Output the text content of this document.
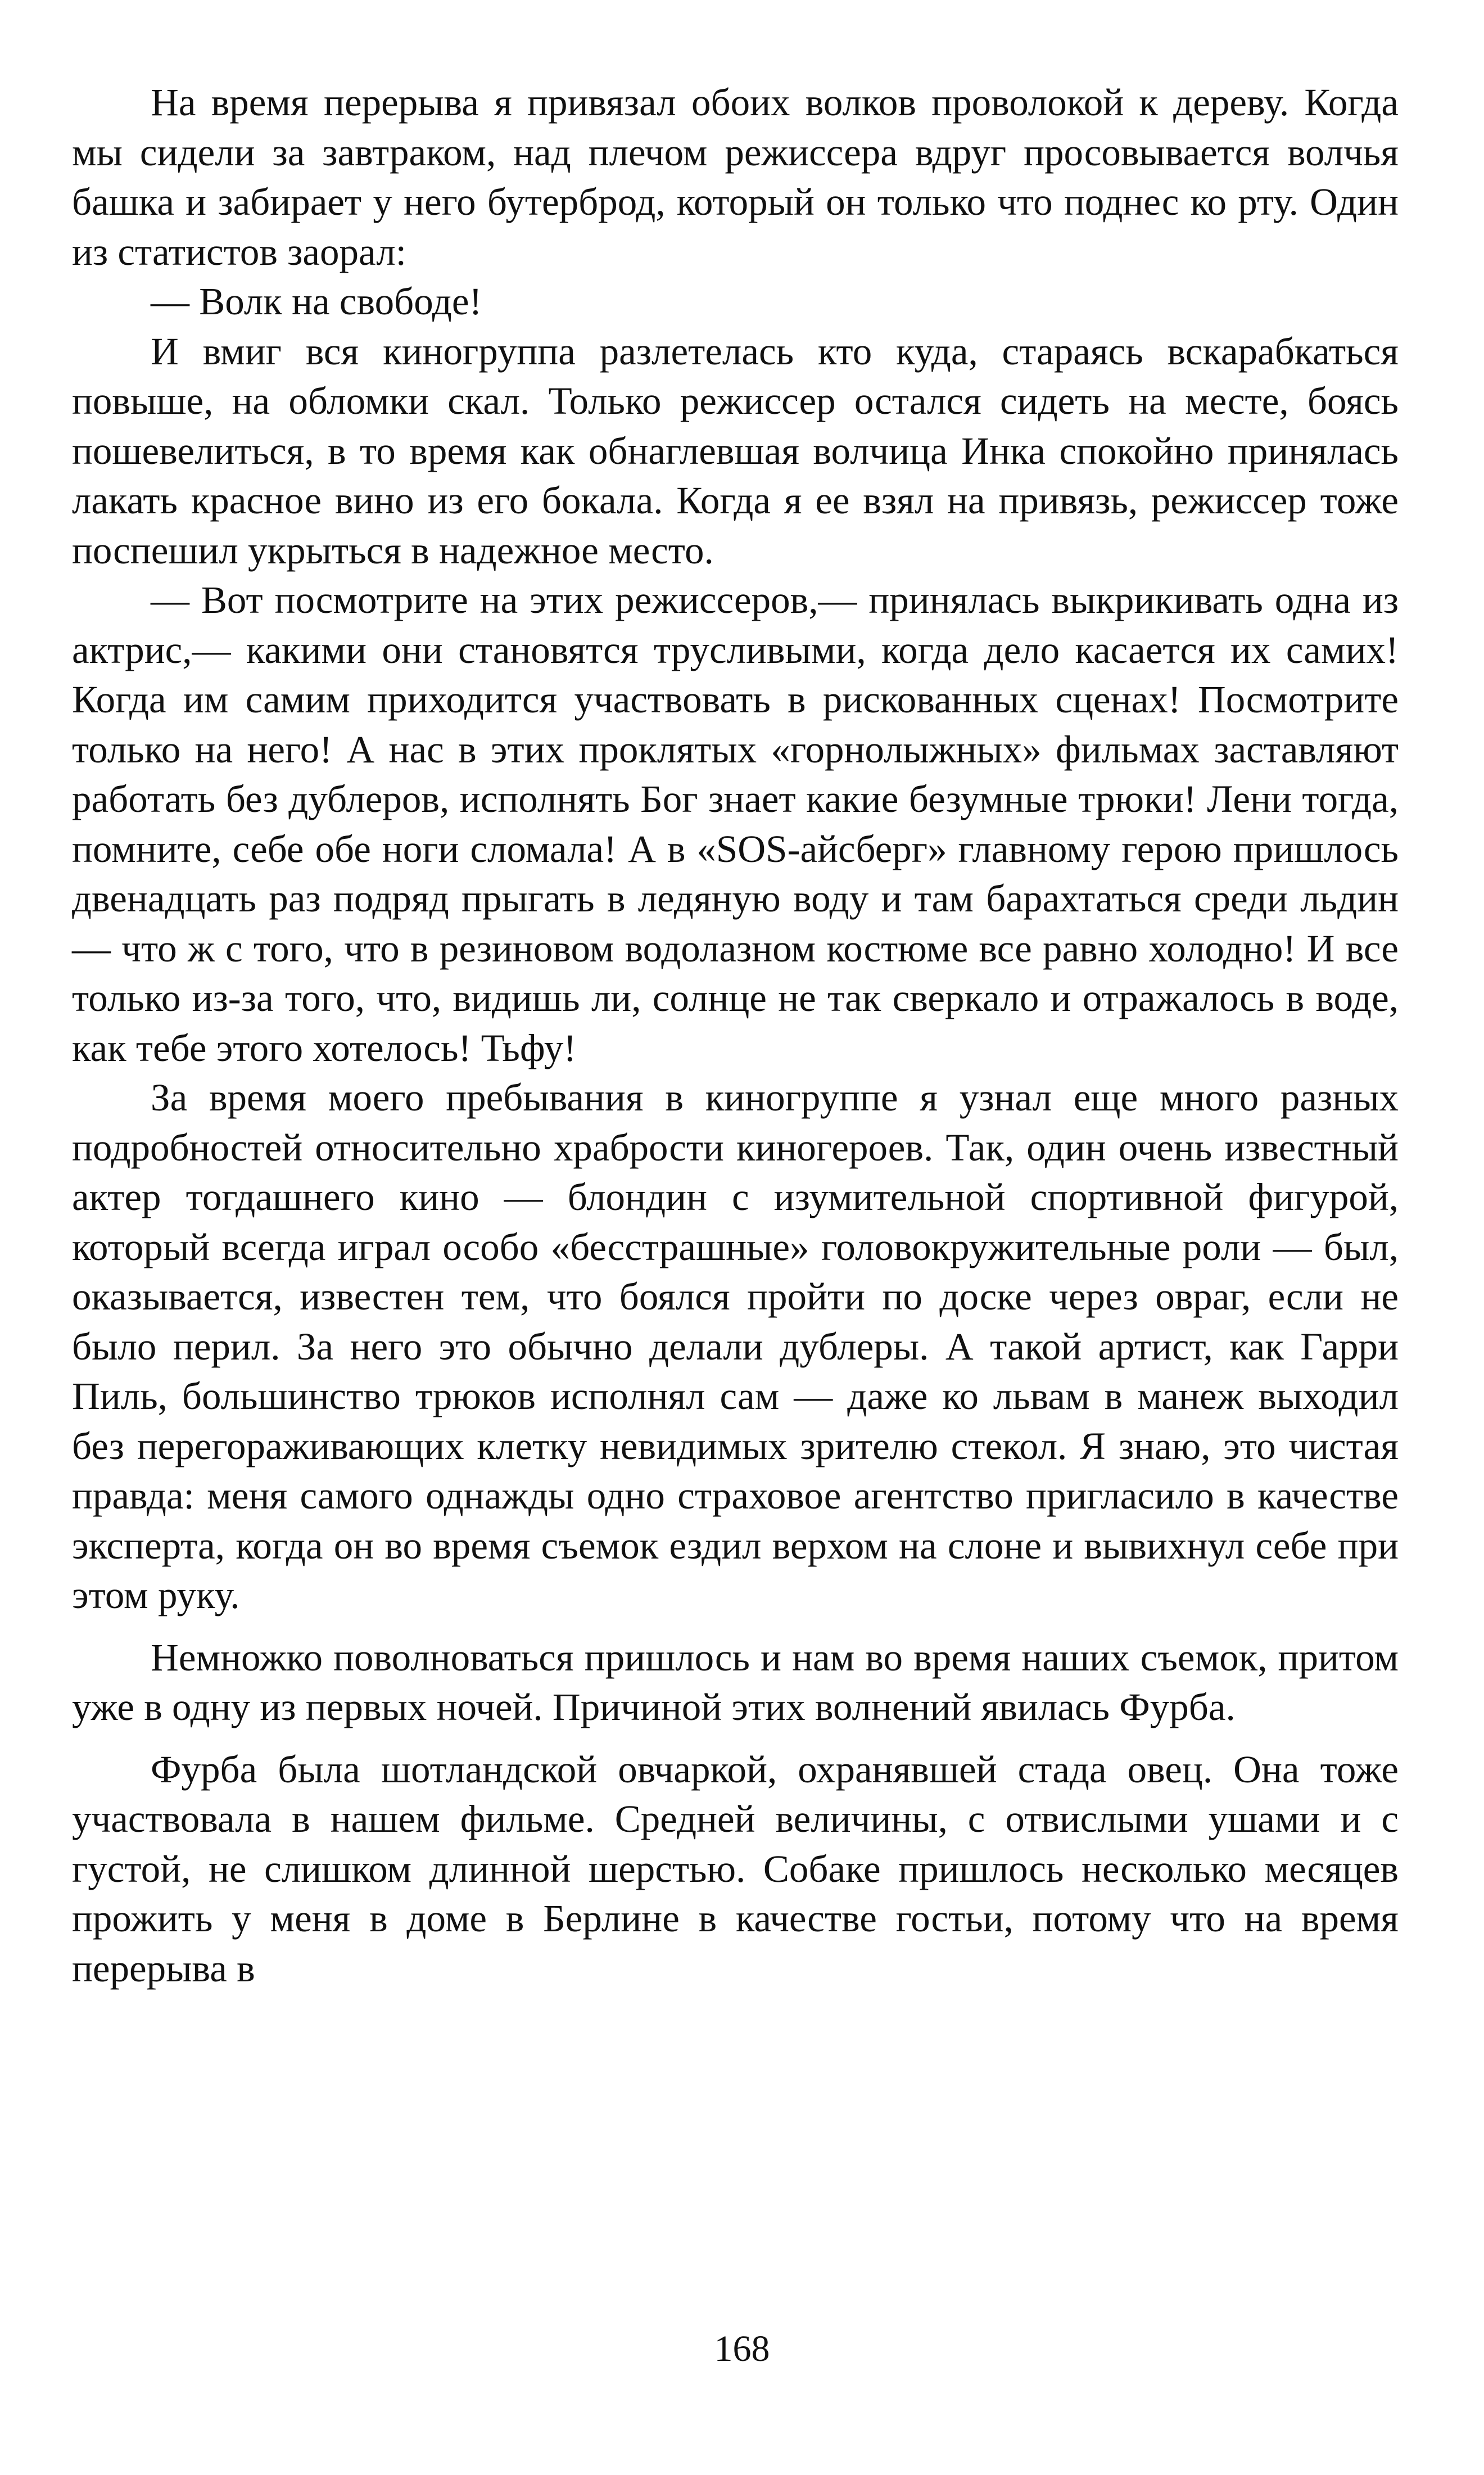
На время перерыва я привязал обоих волков проволокой к дереву. Когда мы сидели за завтраком, над плечом режиссера вдруг просовывается волчья башка и забирает у него бутерброд, который он только что поднес ко рту. Один из статистов заорал:

— Волк на свободе!

И вмиг вся киногруппа разлетелась кто куда, стараясь вскарабкаться повыше, на обломки скал. Только режиссер остался сидеть на месте, боясь пошевелиться, в то время как обнаглевшая волчица Инка спокойно принялась лакать красное вино из его бокала. Когда я ее взял на привязь, режиссер тоже поспешил укрыться в надежное место.

— Вот посмотрите на этих режиссеров,— принялась выкрикивать одна из актрис,— какими они становятся трусливыми, когда дело касается их самих! Когда им самим приходится участвовать в рискованных сценах! Посмотрите только на него! А нас в этих проклятых «горнолыжных» фильмах заставляют работать без дублеров, исполнять Бог знает какие безумные трюки! Лени тогда, помните, себе обе ноги сломала! А в «SOS-айсберг» главному герою пришлось двенадцать раз подряд прыгать в ледяную воду и там барахтаться среди льдин — что ж с того, что в резиновом водолазном костюме все равно холодно! И все только из-за того, что, видишь ли, солнце не так сверкало и отражалось в воде, как тебе этого хотелось! Тьфу!

За время моего пребывания в киногруппе я узнал еще много разных подробностей относительно храбрости киногероев. Так, один очень известный актер тогдашнего кино — блондин с изумительной спортивной фигурой, который всегда играл особо «бесстрашные» головокружительные роли — был, оказывается, известен тем, что боялся пройти по доске через овраг, если не было перил. За него это обычно делали дублеры. А такой артист, как Гарри Пиль, большинство трюков исполнял сам — даже ко львам в манеж выходил без перегораживающих клетку невидимых зрителю стекол. Я знаю, это чистая правда: меня самого однажды одно страховое агентство пригласило в качестве эксперта, когда он во время съемок ездил верхом на слоне и вывихнул себе при этом руку.

Немножко поволноваться пришлось и нам во время наших съемок, притом уже в одну из первых ночей. Причиной этих волнений явилась Фурба.

Фурба была шотландской овчаркой, охранявшей стада овец. Она тоже участвовала в нашем фильме. Средней величины, с отвислыми ушами и с густой, не слишком длинной шерстью. Собаке пришлось несколько месяцев прожить у меня в доме в Берлине в качестве гостьи, потому что на время перерыва в

168
